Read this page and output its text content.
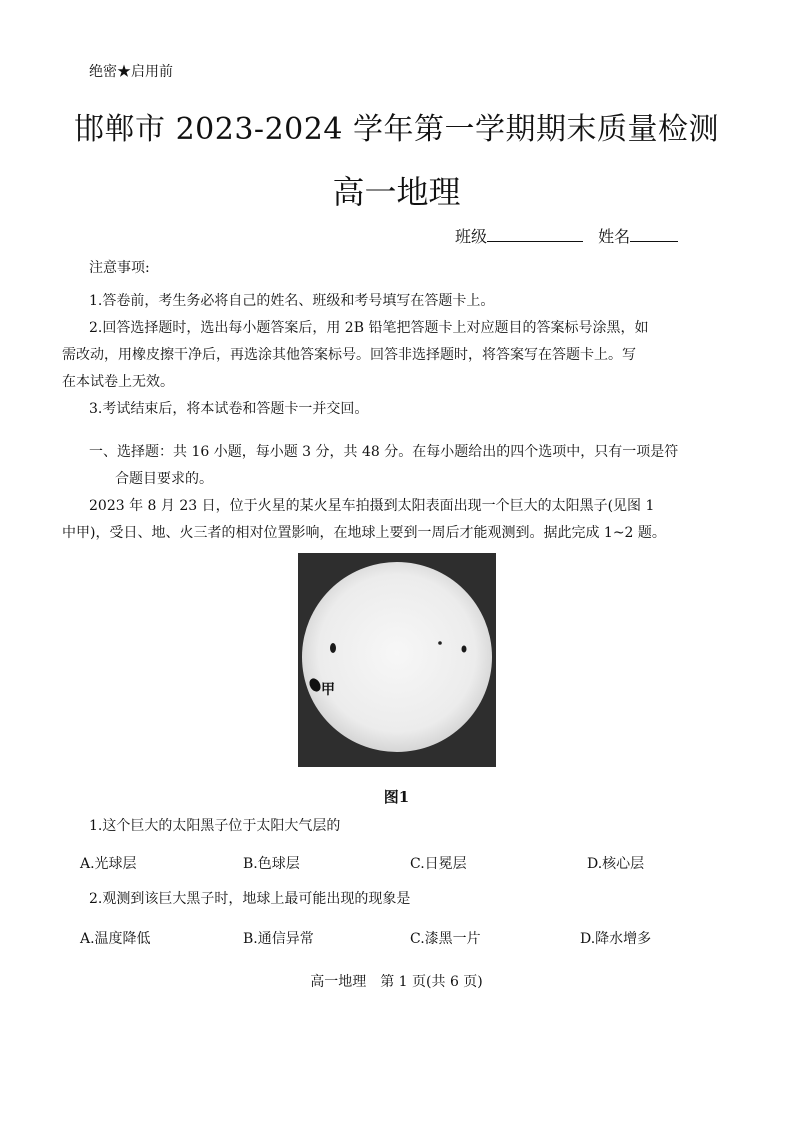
绝密★启用前
邯郸市 2023-2024 学年第一学期期末质量检测
高一地理
班级	姓名
注意事项:
1.答卷前，考生务必将自己的姓名、班级和考号填写在答题卡上。
2.回答选择题时，选出每小题答案后，用 2B 铅笔把答题卡上对应题目的答案标号涂黑，如
需改动，用橡皮擦干净后，再选涂其他答案标号。回答非选择题时，将答案写在答题卡上。写
在本试卷上无效。
3.考试结束后，将本试卷和答题卡一并交回。
一、选择题：共 16 小题，每小题 3 分，共 48 分。在每小题给出的四个选项中，只有一项是符
合题目要求的。
2023 年 8 月 23 日，位于火星的某火星车拍摄到太阳表面出现一个巨大的太阳黑子(见图 1
中甲)，受日、地、火三者的相对位置影响，在地球上要到一周后才能观测到。据此完成 1~2 题。
甲
图1
1.这个巨大的太阳黑子位于太阳大气层的
A.光球层	B.色球层	C.日冕层	D.核心层
2.观测到该巨大黑子时，地球上最可能出现的现象是
A.温度降低	B.通信异常	C.漆黑一片	D.降水增多
高一地理　第 1 页(共 6 页)
